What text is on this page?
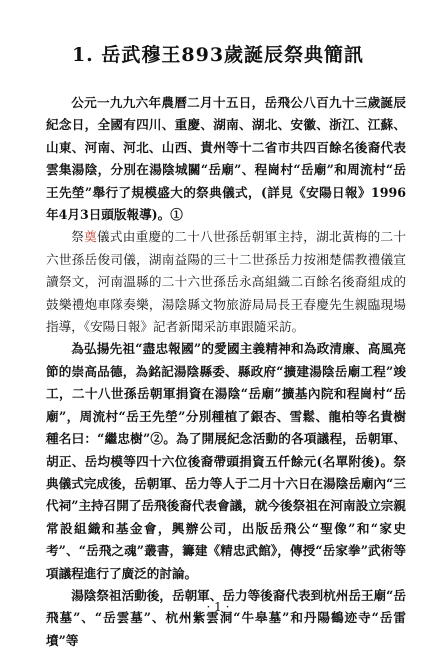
1. 岳武穆王893歲誕辰祭典簡訊

公元一九九六年農曆二月十五日，岳飛公八百九十三歲誕辰紀念日，全國有四川、重慶、湖南、湖北、安徽、浙江、江蘇、山東、河南、河北、山西、貴州等十二省市共四百餘名後裔代表雲集湯陰，分別在湯陰城關“岳廟”、程崗村“岳廟”和周流村“岳王先塋”舉行了規模盛大的祭典儀式，(詳見《安陽日報》1996年4月3日頭版報導)。①

祭奠儀式由重慶的二十八世孫岳朝軍主持，湖北黃梅的二十六世孫岳俊司儀，湖南益陽的三十二世孫岳力按湘楚儒教禮儀宣讀祭文，河南溫縣的二十六世孫岳永高組織二百餘名後裔組成的鼓樂禮炮車隊奏樂，湯陰縣文物旅游局局長王春慶先生親臨現場指導，《安陽日報》記者新聞采訪車跟隨采訪。

為弘揚先祖“盡忠報國”的愛國主義精神和為政清廉、高風亮節的崇高品德，為銘記湯陰縣委、縣政府“擴建湯陰岳廟工程”竣工，二十八世孫岳朝軍捐資在湯陰“岳廟”擴基內院和程崗村“岳廟”，周流村“岳王先塋”分別種植了銀杏、雪鬆、龍柏等名貴樹種名曰：“繼忠樹”②。為了開展紀念活動的各項議程，岳朝軍、胡正、岳均模等四十六位後裔帶頭捐資五仟餘元(名單附後)。祭典儀式完成後，岳朝軍、岳力等人于二月十六日在湯陰岳廟內“三代祠”主持召開了岳飛後裔代表會議，就今後祭祖在河南設立宗親常設組織和基金會，興辦公司，出版岳飛公“聖像”和“家史考”、“岳飛之魂”叢書，籌建《精忠武館》，傳授“岳家拳”武術等項議程進行了廣泛的討論。

湯陰祭祖活動後，岳朝軍、岳力等後裔代表到杭州岳王廟“岳飛墓”、“岳雲墓”、杭州紫雲洞“牛皋墓”和丹陽鶴迹寺“岳雷墳”等

· 1 ·
